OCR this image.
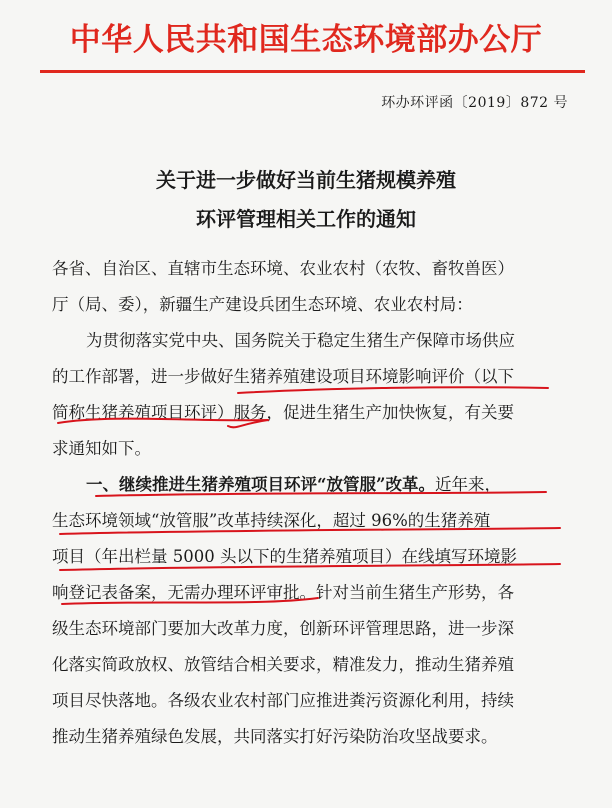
中华人民共和国生态环境部办公厅
环办环评函〔2019〕872 号
关于进一步做好当前生猪规模养殖
环评管理相关工作的通知
各省、自治区、直辖市生态环境、农业农村（农牧、畜牧兽医）
厅（局、委），新疆生产建设兵团生态环境、农业农村局：
为贯彻落实党中央、国务院关于稳定生猪生产保障市场供应
的工作部署，进一步做好生猪养殖建设项目环境影响评价（以下
简称生猪养殖项目环评）服务，促进生猪生产加快恢复，有关要
求通知如下。
一、继续推进生猪养殖项目环评“放管服”改革。近年来，
生态环境领域“放管服”改革持续深化，超过 96%的生猪养殖
项目（年出栏量 5000 头以下的生猪养殖项目）在线填写环境影
响登记表备案，无需办理环评审批。针对当前生猪生产形势，各
级生态环境部门要加大改革力度，创新环评管理思路，进一步深
化落实简政放权、放管结合相关要求，精准发力，推动生猪养殖
项目尽快落地。各级农业农村部门应推进粪污资源化利用，持续
推动生猪养殖绿色发展，共同落实打好污染防治攻坚战要求。
